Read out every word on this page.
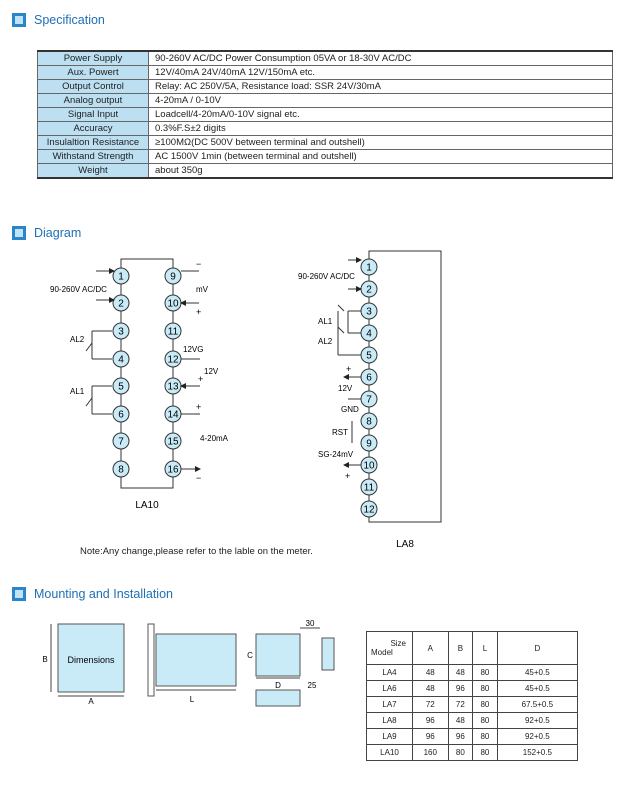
Specification
Diagram
Mounting and Installation
Power Supply	90-260V AC/DC Power Consumption 05VA or 18-30V AC/DC
Aux. Powert	12V/40mA 24V/40mA 12V/150mA etc.
Output Control	Relay: AC 250V/5A, Resistance load: SSR 24V/30mA
Analog output	4-20mA / 0-10V
Signal Input	Loadcell/4-20mA/0-10V signal etc.
Accuracy	0.3%F.S±2 digits
Insulaltion Resistance	≥100MΩ(DC 500V between terminal and outshell)
Withstand Strength	AC 1500V 1min (between terminal and outshell)
Weight	about 350g
1	9
2	10
3	11
4	12
5	13
6	14
7	15
8	16
LA10
90-260V AC/DC
AL2
AL1
−
+
mV
12VG
+
12V
+
4-20mA
−
1
2
3
4
5
6
7
8
9
10
11
12
LA8
90-260V AC/DC
AL1
AL2
+
12V
GND
RST
SG-24mV
+
Note:Any change,please refer to the lable on the meter.
Dimensions
B
A	L
D
C
30
25
Size
Model	A	B	L	D
LA4	48	48	80	45+0.5
LA6	48	96	80	45+0.5
LA7	72	72	80	67.5+0.5
LA8	96	48	80	92+0.5
LA9	96	96	80	92+0.5
LA10	160	80	80	152+0.5
